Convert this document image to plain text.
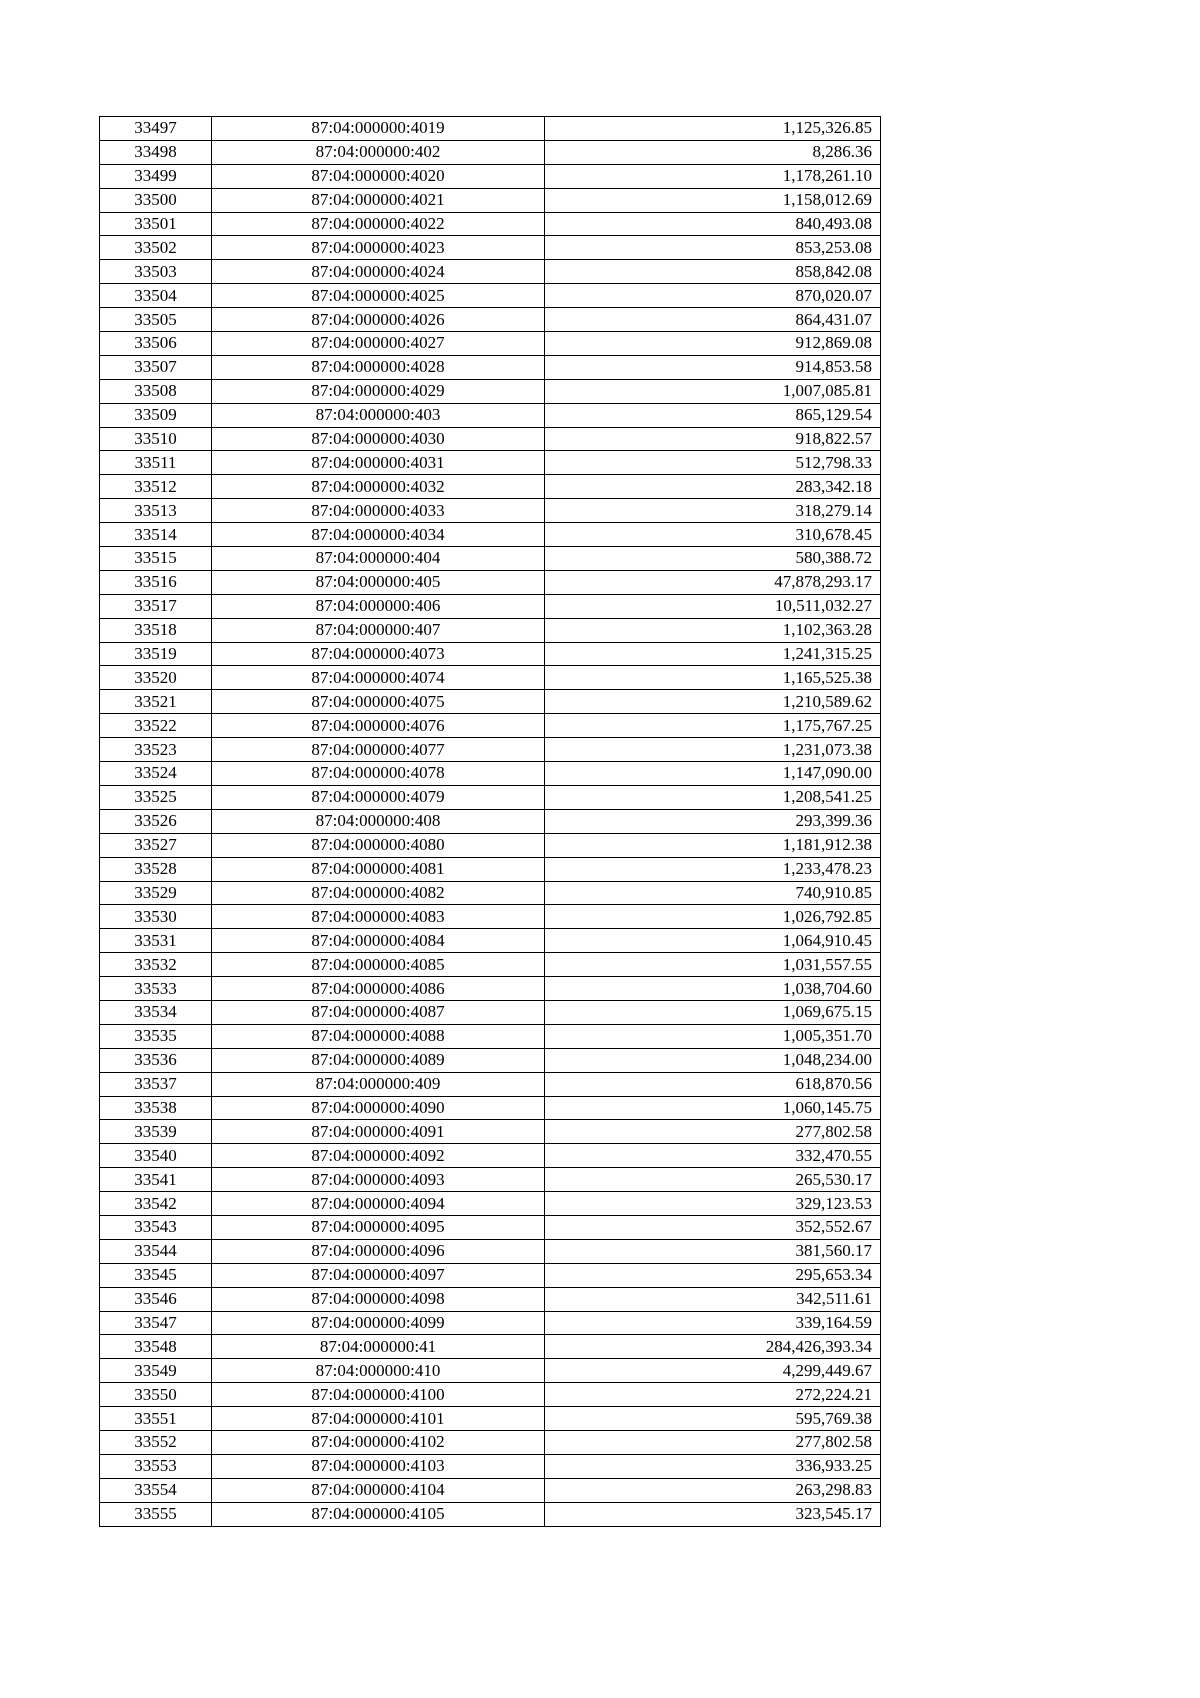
33497	87:04:000000:4019	1,125,326.85
33498	87:04:000000:402	8,286.36
33499	87:04:000000:4020	1,178,261.10
33500	87:04:000000:4021	1,158,012.69
33501	87:04:000000:4022	840,493.08
33502	87:04:000000:4023	853,253.08
33503	87:04:000000:4024	858,842.08
33504	87:04:000000:4025	870,020.07
33505	87:04:000000:4026	864,431.07
33506	87:04:000000:4027	912,869.08
33507	87:04:000000:4028	914,853.58
33508	87:04:000000:4029	1,007,085.81
33509	87:04:000000:403	865,129.54
33510	87:04:000000:4030	918,822.57
33511	87:04:000000:4031	512,798.33
33512	87:04:000000:4032	283,342.18
33513	87:04:000000:4033	318,279.14
33514	87:04:000000:4034	310,678.45
33515	87:04:000000:404	580,388.72
33516	87:04:000000:405	47,878,293.17
33517	87:04:000000:406	10,511,032.27
33518	87:04:000000:407	1,102,363.28
33519	87:04:000000:4073	1,241,315.25
33520	87:04:000000:4074	1,165,525.38
33521	87:04:000000:4075	1,210,589.62
33522	87:04:000000:4076	1,175,767.25
33523	87:04:000000:4077	1,231,073.38
33524	87:04:000000:4078	1,147,090.00
33525	87:04:000000:4079	1,208,541.25
33526	87:04:000000:408	293,399.36
33527	87:04:000000:4080	1,181,912.38
33528	87:04:000000:4081	1,233,478.23
33529	87:04:000000:4082	740,910.85
33530	87:04:000000:4083	1,026,792.85
33531	87:04:000000:4084	1,064,910.45
33532	87:04:000000:4085	1,031,557.55
33533	87:04:000000:4086	1,038,704.60
33534	87:04:000000:4087	1,069,675.15
33535	87:04:000000:4088	1,005,351.70
33536	87:04:000000:4089	1,048,234.00
33537	87:04:000000:409	618,870.56
33538	87:04:000000:4090	1,060,145.75
33539	87:04:000000:4091	277,802.58
33540	87:04:000000:4092	332,470.55
33541	87:04:000000:4093	265,530.17
33542	87:04:000000:4094	329,123.53
33543	87:04:000000:4095	352,552.67
33544	87:04:000000:4096	381,560.17
33545	87:04:000000:4097	295,653.34
33546	87:04:000000:4098	342,511.61
33547	87:04:000000:4099	339,164.59
33548	87:04:000000:41	284,426,393.34
33549	87:04:000000:410	4,299,449.67
33550	87:04:000000:4100	272,224.21
33551	87:04:000000:4101	595,769.38
33552	87:04:000000:4102	277,802.58
33553	87:04:000000:4103	336,933.25
33554	87:04:000000:4104	263,298.83
33555	87:04:000000:4105	323,545.17
